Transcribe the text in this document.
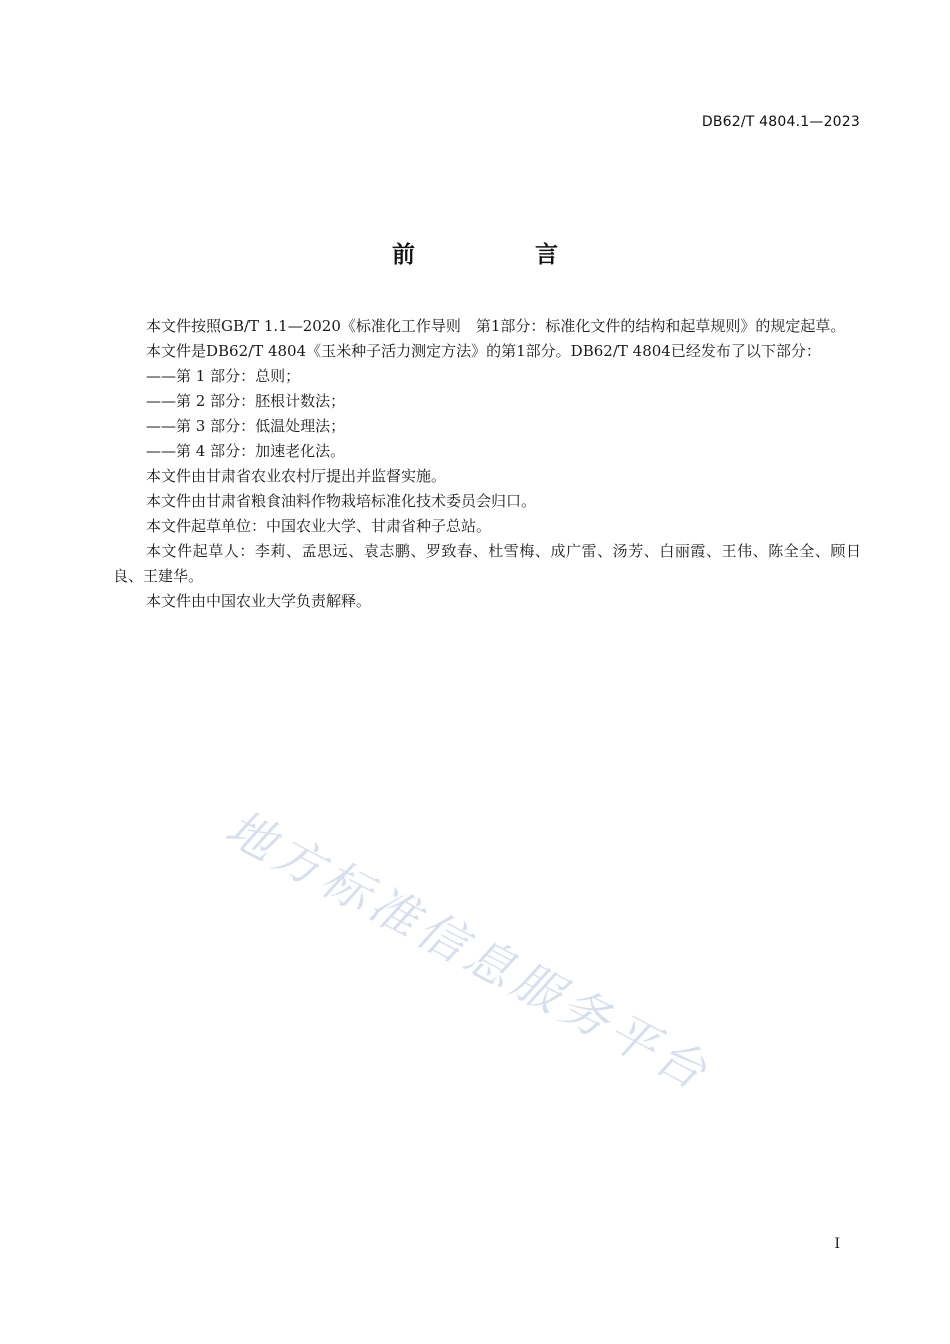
DB62/T 4804.1—2023
前 言

本文件按照GB/T 1.1—2020《标准化工作导则　第1部分：标准化文件的结构和起草规则》的规定起草。

本文件是DB62/T 4804《玉米种子活力测定方法》的第1部分。DB62/T 4804已经发布了以下部分：

——第 1 部分：总则；

——第 2 部分：胚根计数法；

——第 3 部分：低温处理法；

——第 4 部分：加速老化法。

本文件由甘肃省农业农村厅提出并监督实施。

本文件由甘肃省粮食油料作物栽培标准化技术委员会归口。

本文件起草单位：中国农业大学、甘肃省种子总站。

本文件起草人：李莉、孟思远、袁志鹏、罗致春、杜雪梅、成广雷、汤芳、白丽霞、王伟、陈全全、顾日良、王建华。

本文件由中国农业大学负责解释。

地方标准信息服务平台
I
